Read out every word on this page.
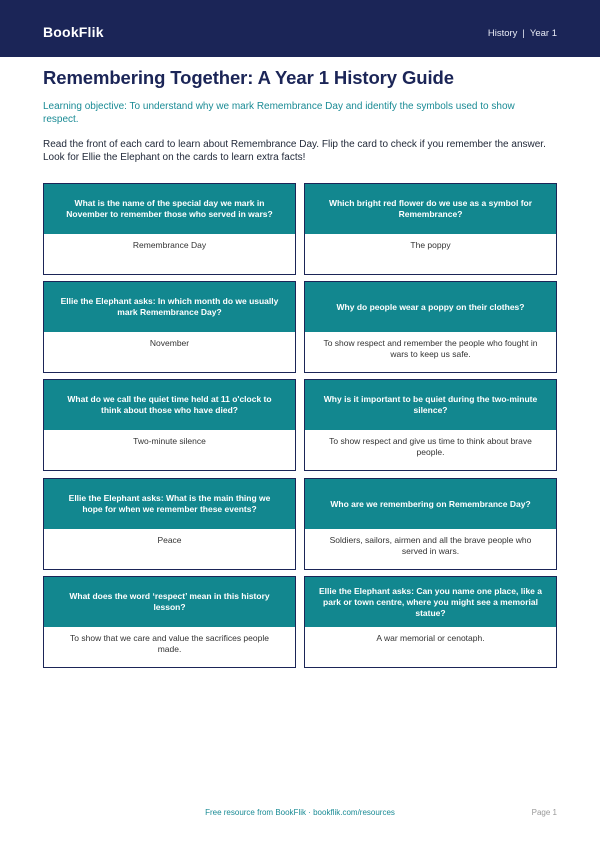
BookFlik	History | Year 1
Remembering Together: A Year 1 History Guide
Learning objective: To understand why we mark Remembrance Day and identify the symbols used to show respect.
Read the front of each card to learn about Remembrance Day. Flip the card to check if you remember the answer. Look for Ellie the Elephant on the cards to learn extra facts!
What is the name of the special day we mark in November to remember those who served in wars?
Remembrance Day
Which bright red flower do we use as a symbol for Remembrance?
The poppy
Ellie the Elephant asks: In which month do we usually mark Remembrance Day?
November
Why do people wear a poppy on their clothes?
To show respect and remember the people who fought in wars to keep us safe.
What do we call the quiet time held at 11 o'clock to think about those who have died?
Two-minute silence
Why is it important to be quiet during the two-minute silence?
To show respect and give us time to think about brave people.
Ellie the Elephant asks: What is the main thing we hope for when we remember these events?
Peace
Who are we remembering on Remembrance Day?
Soldiers, sailors, airmen and all the brave people who served in wars.
What does the word ‘respect’ mean in this history lesson?
To show that we care and value the sacrifices people made.
Ellie the Elephant asks: Can you name one place, like a park or town centre, where you might see a memorial statue?
A war memorial or cenotaph.
Free resource from BookFlik · bookflik.com/resources	Page 1
